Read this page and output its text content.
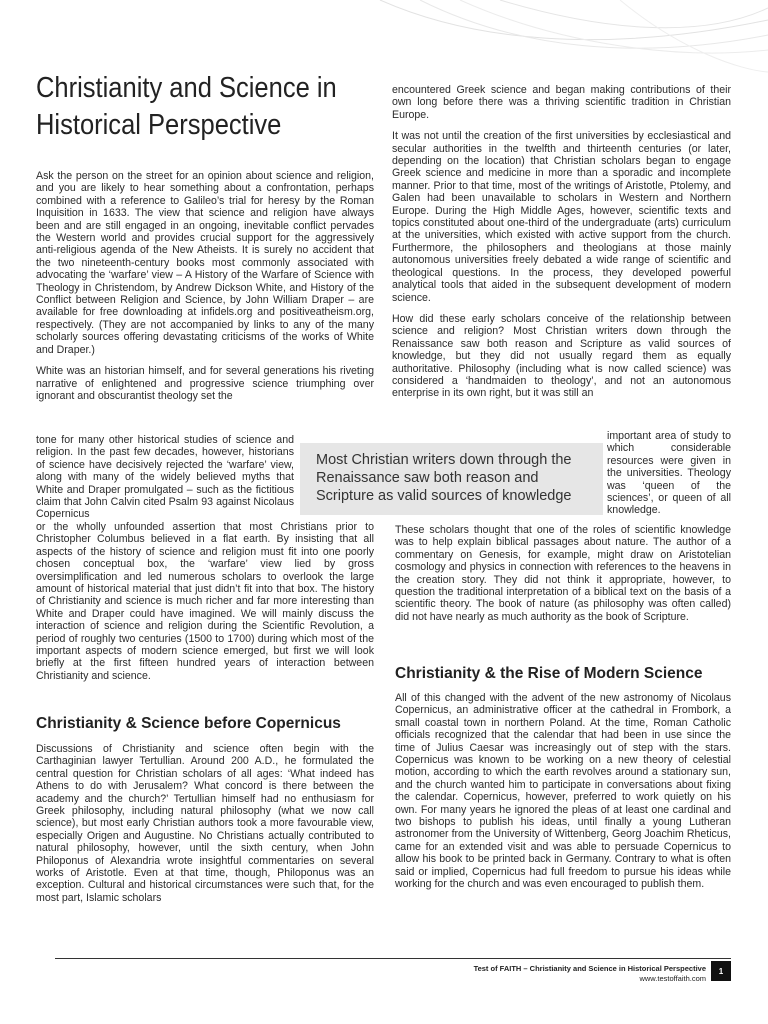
Christianity and Science in
Historical Perspective

Ask the person on the street for an opinion about science and religion, and you are likely to hear something about a confrontation, perhaps combined with a reference to Galileo’s trial for heresy by the Roman Inquisition in 1633. The view that science and religion have always been and are still engaged in an ongoing, inevitable conflict pervades the Western world and provides crucial support for the aggressively anti-religious agenda of the New Atheists. It is surely no accident that the two nineteenth-century books most commonly associated with advocating the ‘warfare’ view – A History of the Warfare of Science with Theology in Christendom, by Andrew Dickson White, and History of the Conflict between Religion and Science, by John William Draper – are available for free downloading at infidels.org and positiveatheism.org, respectively. (They are not accompanied by links to any of the many scholarly sources offering devastating criticisms of the works of White and Draper.)

White was an historian himself, and for several generations his riveting narrative of enlightened and progressive science triumphing over ignorant and obscurantist theology set the

tone for many other historical studies of science and religion. In the past few decades, however, historians of science have decisively rejected the ‘warfare’ view, along with many of the widely believed myths that White and Draper promulgated – such as the fictitious claim that John Calvin cited Psalm 93 against Nicolaus Copernicus

or the wholly unfounded assertion that most Christians prior to Christopher Columbus believed in a flat earth. By insisting that all aspects of the history of science and religion must fit into one poorly chosen conceptual box, the ‘warfare’ view lied by gross oversimplification and led numerous scholars to overlook the large amount of historical material that just didn’t fit into that box. The history of Christianity and science is much richer and far more interesting than White and Draper could have imagined. We will mainly discuss the interaction of science and religion during the Scientific Revolution, a period of roughly two centuries (1500 to 1700) during which most of the important aspects of modern science emerged, but first we will look briefly at the first fifteen hundred years of interaction between Christianity and science.

Christianity & Science before Copernicus

Discussions of Christianity and science often begin with the Carthaginian lawyer Tertullian. Around 200 A.D., he formulated the central question for Christian scholars of all ages: ‘What indeed has Athens to do with Jerusalem? What concord is there between the academy and the church?’ Tertullian himself had no enthusiasm for Greek philosophy, including natural philosophy (what we now call science), but most early Christian authors took a more favourable view, especially Origen and Augustine. No Christians actually contributed to natural philosophy, however, until the sixth century, when John Philoponus of Alexandria wrote insightful commentaries on several works of Aristotle. Even at that time, though, Philoponus was an exception. Cultural and historical circumstances were such that, for the most part, Islamic scholars

encountered Greek science and began making contributions of their own long before there was a thriving scientific tradition in Christian Europe.

It was not until the creation of the first universities by ecclesiastical and secular authorities in the twelfth and thirteenth centuries (or later, depending on the location) that Christian scholars began to engage Greek science and medicine in more than a sporadic and incomplete manner. Prior to that time, most of the writings of Aristotle, Ptolemy, and Galen had been unavailable to scholars in Western and Northern Europe. During the High Middle Ages, however, scientific texts and topics constituted about one-third of the undergraduate (arts) curriculum at the universities, which existed with active support from the church. Furthermore, the philosophers and theologians at those mainly autonomous universities freely debated a wide range of scientific and theological questions. In the process, they developed powerful analytical tools that aided in the subsequent development of modern science.

How did these early scholars conceive of the relationship between science and religion? Most Christian writers down through the Renaissance saw both reason and Scripture as valid sources of knowledge, but they did not usually regard them as equally authoritative. Philosophy (including what is now called science) was considered a ‘handmaiden to theology’, and not an autonomous enterprise in its own right, but it was still an

Most Christian writers down through the Renaissance saw both reason and Scripture as valid sources of knowledge
important area of study to which considerable resources were given in the universities. Theology was ‘queen of the sciences’, or queen of all knowledge.

These scholars thought that one of the roles of scientific knowledge was to help explain biblical passages about nature. The author of a commentary on Genesis, for example, might draw on Aristotelian cosmology and physics in connection with references to the heavens in the creation story. They did not think it appropriate, however, to question the traditional interpretation of a biblical text on the basis of a scientific theory. The book of nature (as philosophy was often called) did not have nearly as much authority as the book of Scripture.

Christianity & the Rise of Modern Science

All of this changed with the advent of the new astronomy of Nicolaus Copernicus, an administrative officer at the cathedral in Frombork, a small coastal town in northern Poland. At the time, Roman Catholic officials recognized that the calendar that had been in use since the time of Julius Caesar was increasingly out of step with the stars. Copernicus was known to be working on a new theory of celestial motion, according to which the earth revolves around a stationary sun, and the church wanted him to participate in conversations about fixing the calendar. Copernicus, however, preferred to work quietly on his own. For many years he ignored the pleas of at least one cardinal and two bishops to publish his ideas, until finally a young Lutheran astronomer from the University of Wittenberg, Georg Joachim Rheticus, came for an extended visit and was able to persuade Copernicus to allow his book to be printed back in Germany. Contrary to what is often said or implied, Copernicus had full freedom to pursue his ideas while working for the church and was even encouraged to publish them.

Test of FAITH – Christianity and Science in Historical Perspective
www.testoffaith.com
1
